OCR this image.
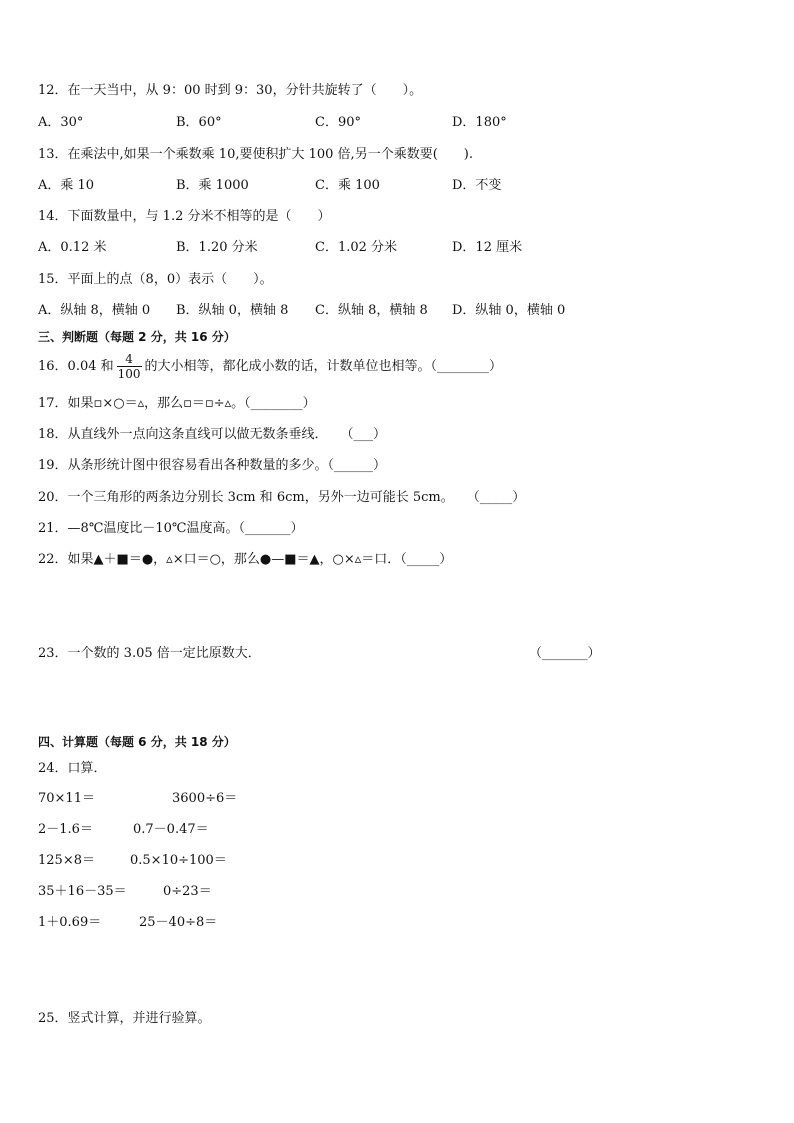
12．在一天当中，从 9：00 时到 9：30，分针共旋转了（　　）。
A．30°	B．60°	C．90°	D．180°
13．在乘法中,如果一个乘数乘 10,要使积扩大 100 倍,另一个乘数要(　　).
A．乘 10	B．乘 1000	C．乘 100	D．不变
14．下面数量中，与 1.2 分米不相等的是（　　）
A．0.12 米	B．1.20 分米	C．1.02 分米	D．12 厘米
15．平面上的点（8，0）表示（　　）。
A．纵轴 8，横轴 0 B．纵轴 0，横轴 8 C．纵轴 8，横轴 8 D．纵轴 0，横轴 0
三、判断题（每题 2 分，共 16 分）
16．0.04 和 $\frac{4}{100}$ 的大小相等，都化成小数的话，计数单位也相等。（________）
17．如果▫×○＝▵，那么▫＝▫÷▵。（________）
18．从直线外一点向这条直线可以做无数条垂线．　　（___）
19．从条形统计图中很容易看出各种数量的多少。（______）
20．一个三角形的两条边分别长 3cm 和 6cm，另外一边可能长 5cm。　　（_____）
21．—8℃温度比－10℃温度高。（_______）
22．如果▲＋■＝●，▵×口＝○，那么●—■＝▲，○×▵＝口．（_____）
23．一个数的 3.05 倍一定比原数大．	（_______）
四、计算题（每题 6 分，共 18 分）
24．口算．
70×11＝	3600÷6＝
2－1.6＝	0.7－0.47＝
125×8＝	0.5×10÷100＝
35＋16－35＝	0÷23＝
1＋0.69＝	25－40÷8＝
25．竖式计算，并进行验算。
